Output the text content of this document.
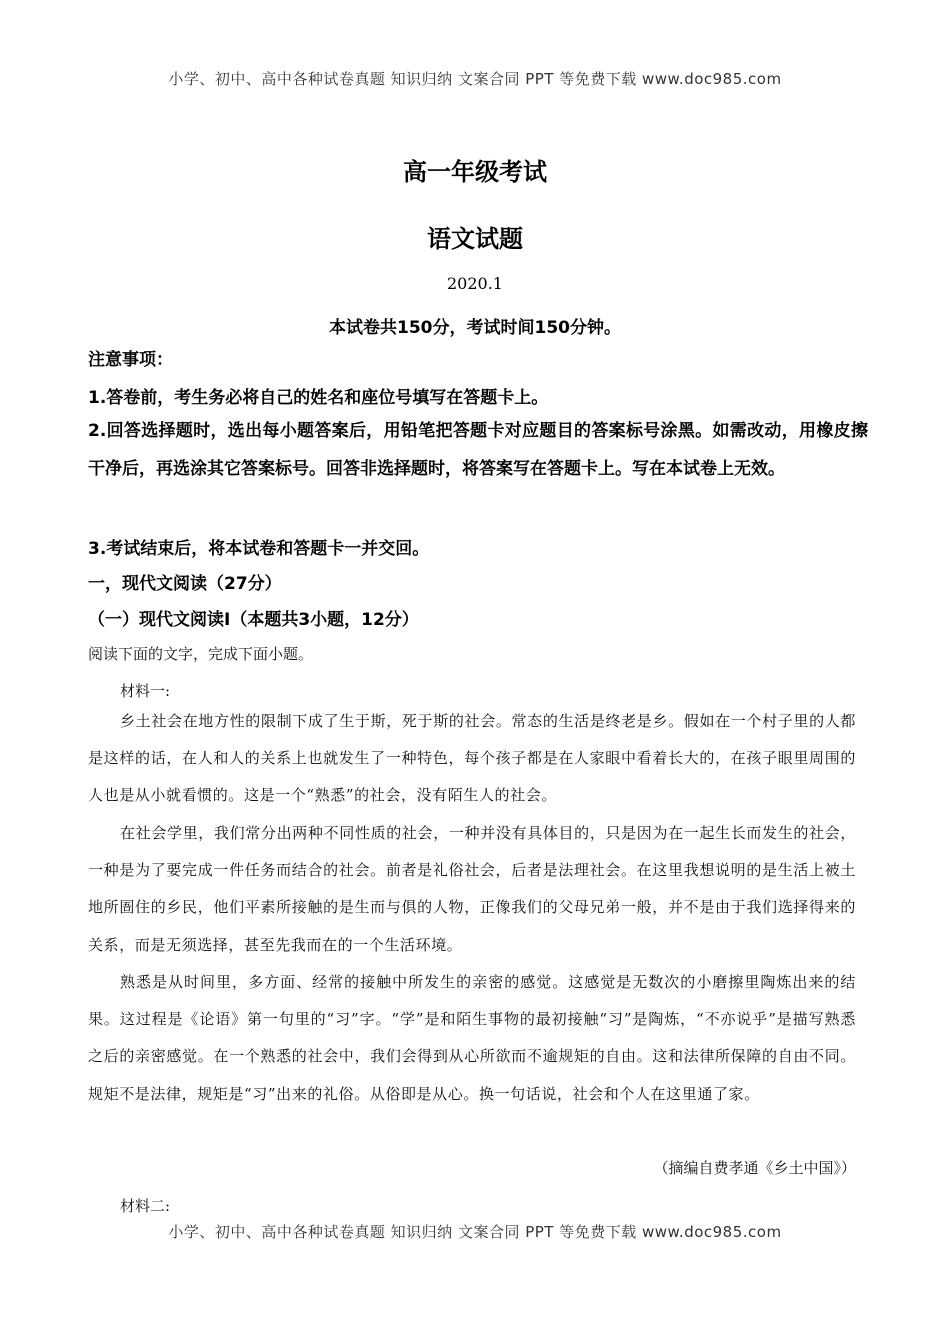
小学、初中、高中各种试卷真题 知识归纳 文案合同 PPT 等免费下载 www.doc985.com
高一年级考试
语文试题
2020.1
本试卷共150分，考试时间150分钟。
注意事项：
1.答卷前，考生务必将自己的姓名和座位号填写在答题卡上。
2.回答选择题时，选出每小题答案后，用铅笔把答题卡对应题目的答案标号涂黑。如需改动，用橡皮擦干净后，再选涂其它答案标号。回答非选择题时，将答案写在答题卡上。写在本试卷上无效。
3.考试结束后，将本试卷和答题卡一并交回。
一，现代文阅读（27分）
（一）现代文阅读Ⅰ（本题共3小题，12分）
阅读下面的文字，完成下面小题。
材料一:
乡土社会在地方性的限制下成了生于斯，死于斯的社会。常态的生活是终老是乡。假如在一个村子里的人都是这样的话，在人和人的关系上也就发生了一种特色，每个孩子都是在人家眼中看着长大的，在孩子眼里周围的人也是从小就看惯的。这是一个“熟悉”的社会，没有陌生人的社会。
在社会学里，我们常分出两种不同性质的社会，一种并没有具体目的，只是因为在一起生长而发生的社会，一种是为了要完成一件任务而结合的社会。前者是礼俗社会，后者是法理社会。在这里我想说明的是生活上被土地所圄住的乡民，他们平素所接触的是生而与俱的人物，正像我们的父母兄弟一般，并不是由于我们选择得来的关系，而是无须选择，甚至先我而在的一个生活环境。
熟悉是从时间里，多方面、经常的接触中所发生的亲密的感觉。这感觉是无数次的小磨擦里陶炼出来的结果。这过程是《论语》第一句里的“习”字。“学”是和陌生事物的最初接触“习”是陶炼，“不亦说乎”是描写熟悉之后的亲密感觉。在一个熟悉的社会中，我们会得到从心所欲而不逾规矩的自由。这和法律所保障的自由不同。规矩不是法律，规矩是“习”出来的礼俗。从俗即是从心。换一句话说，社会和个人在这里通了家。
（摘编自费孝通《乡土中国》）
材料二:
小学、初中、高中各种试卷真题 知识归纳 文案合同 PPT 等免费下载 www.doc985.com
